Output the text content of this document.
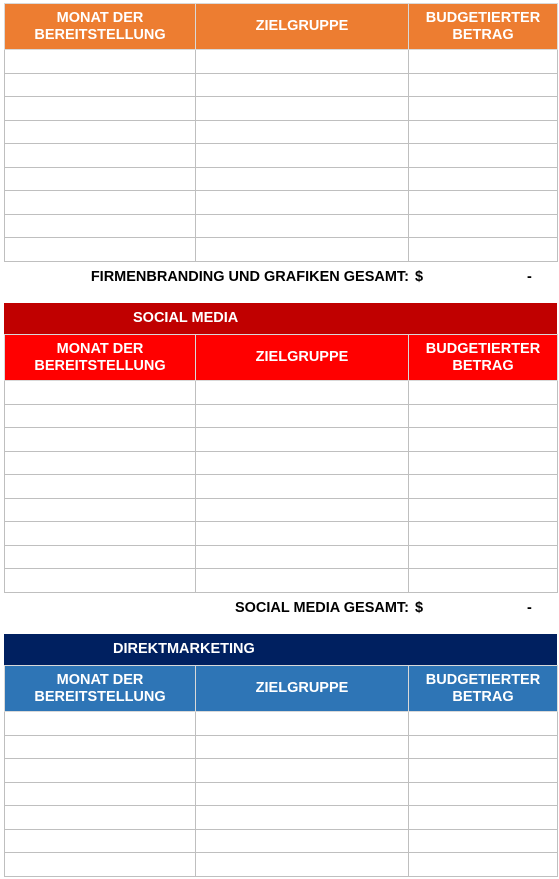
MONAT DER BEREITSTELLUNG	ZIELGRUPPE	BUDGETIERTER BETRAG

FIRMENBRANDING UND GRAFIKEN GESAMT: $	-
SOCIAL MEDIA
MONAT DER BEREITSTELLUNG	ZIELGRUPPE	BUDGETIERTER BETRAG

SOCIAL MEDIA GESAMT: $	-
DIREKTMARKETING
MONAT DER BEREITSTELLUNG	ZIELGRUPPE	BUDGETIERTER BETRAG
